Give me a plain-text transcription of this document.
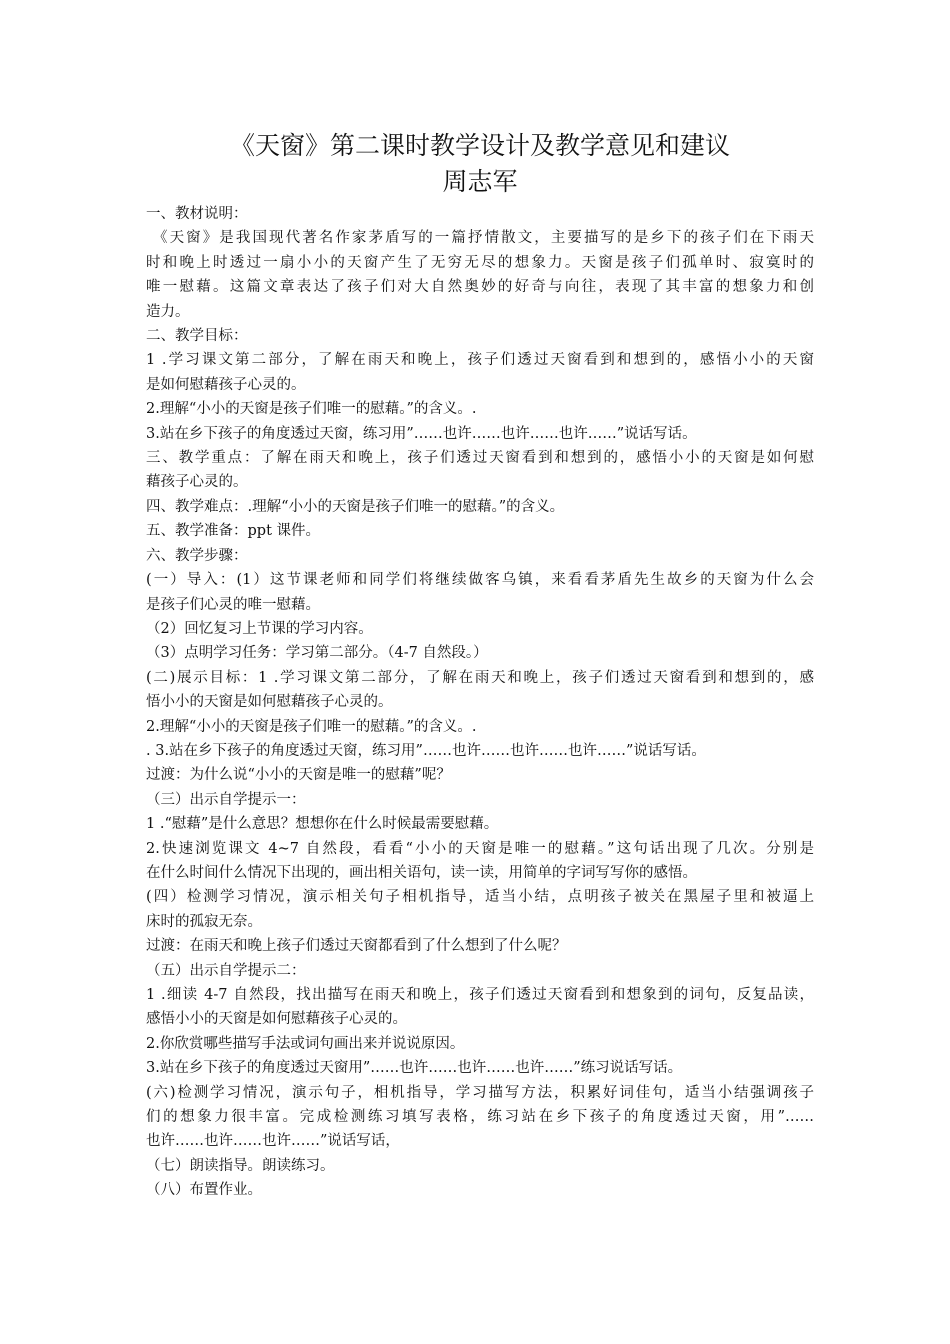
《天窗》第二课时教学设计及教学意见和建议
周志军

一、教材说明：

《天窗》是我国现代著名作家茅盾写的一篇抒情散文，主要描写的是乡下的孩子们在下雨天

时和晚上时透过一扇小小的天窗产生了无穷无尽的想象力。天窗是孩子们孤单时、寂寞时的

唯一慰藉。这篇文章表达了孩子们对大自然奥妙的好奇与向往，表现了其丰富的想象力和创

造力。

二、教学目标：

1 .学习课文第二部分，了解在雨天和晚上，孩子们透过天窗看到和想到的，感悟小小的天窗

是如何慰藉孩子心灵的。

2.理解“小小的天窗是孩子们唯一的慰藉。”的含义。.

3.站在乡下孩子的角度透过天窗，练习用”……也许……也许……也许……”说话写话。

三、教学重点：了解在雨天和晚上，孩子们透过天窗看到和想到的，感悟小小的天窗是如何慰

藉孩子心灵的。

四、教学难点：.理解“小小的天窗是孩子们唯一的慰藉。”的含义。

五、教学准备：ppt 课件。

六、教学步骤：

(一）导入：(1）这节课老师和同学们将继续做客乌镇，来看看茅盾先生故乡的天窗为什么会

是孩子们心灵的唯一慰藉。

（2）回忆复习上节课的学习内容。

（3）点明学习任务：学习第二部分。（4-7 自然段。）

(二)展示目标：1 .学习课文第二部分，了解在雨天和晚上，孩子们透过天窗看到和想到的，感

悟小小的天窗是如何慰藉孩子心灵的。

2.理解“小小的天窗是孩子们唯一的慰藉。”的含义。.

. 3.站在乡下孩子的角度透过天窗，练习用”……也许……也许……也许……”说话写话。

过渡：为什么说“小小的天窗是唯一的慰藉”呢？

（三）出示自学提示一：

1 .“慰藉”是什么意思？想想你在什么时候最需要慰藉。

2.快速浏览课文 4~7 自然段，看看“小小的天窗是唯一的慰藉。”这句话出现了几次。分别是

在什么时间什么情况下出现的，画出相关语句，读一读，用简单的字词写写你的感悟。

(四）检测学习情况，演示相关句子相机指导，适当小结，点明孩子被关在黑屋子里和被逼上

床时的孤寂无奈。

过渡：在雨天和晚上孩子们透过天窗都看到了什么想到了什么呢？

（五）出示自学提示二：

1 .细读 4-7 自然段，找出描写在雨天和晚上，孩子们透过天窗看到和想象到的词句，反复品读，

感悟小小的天窗是如何慰藉孩子心灵的。

2.你欣赏哪些描写手法或词句画出来并说说原因。

3.站在乡下孩子的角度透过天窗用”……也许……也许……也许……”练习说话写话。

(六)检测学习情况，演示句子，相机指导，学习描写方法，积累好词佳句，适当小结强调孩子

们的想象力很丰富。完成检测练习填写表格，练习站在乡下孩子的角度透过天窗，用”……

也许……也许……也许……”说话写话，

（七）朗读指导。朗读练习。

（八）布置作业。
